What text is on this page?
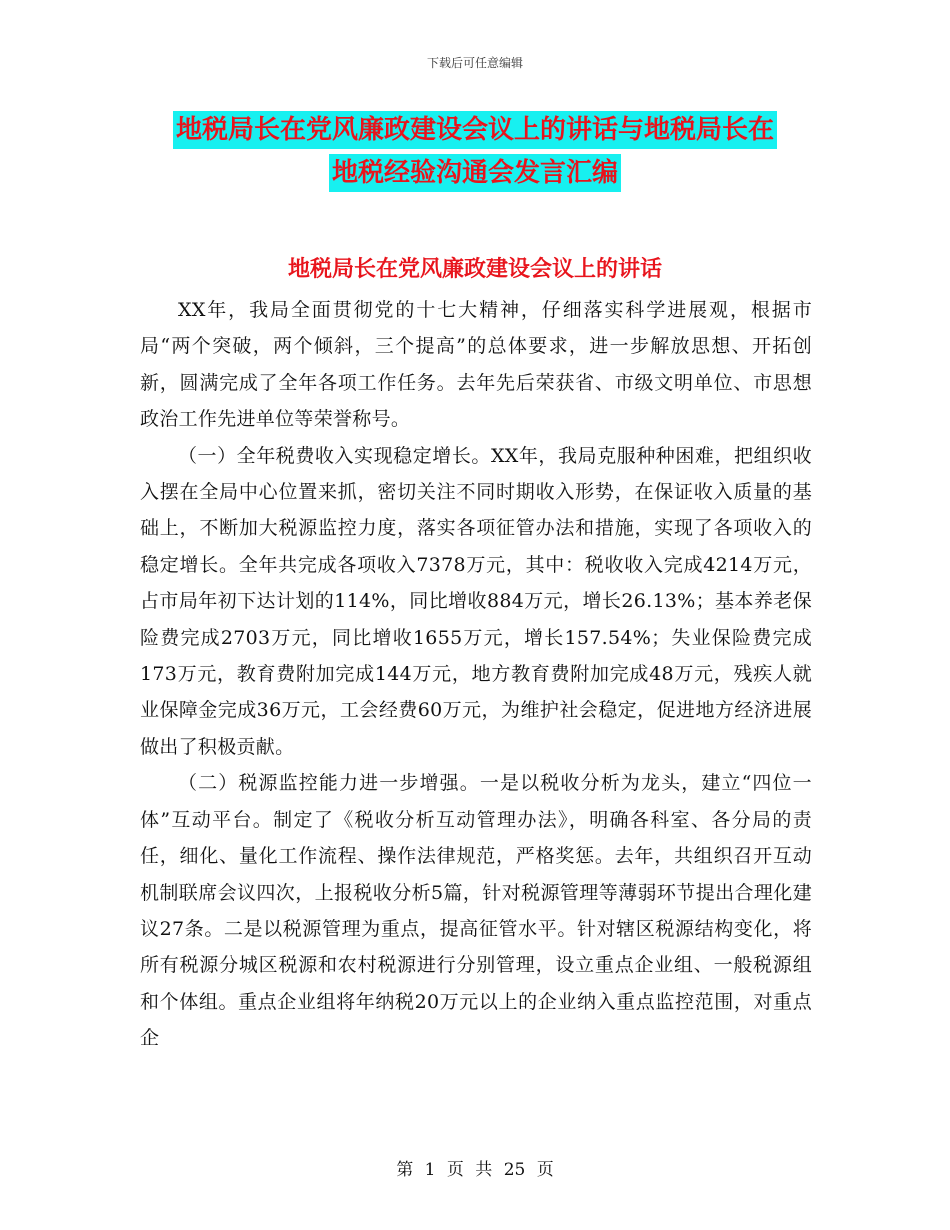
下载后可任意编辑
地税局长在党风廉政建设会议上的讲话与地税局长在
地税经验沟通会发言汇编
地税局长在党风廉政建设会议上的讲话

XX年，我局全面贯彻党的十七大精神，仔细落实科学进展观，根据市局“两个突破，两个倾斜，三个提高”的总体要求，进一步解放思想、开拓创新，圆满完成了全年各项工作任务。去年先后荣获省、市级文明单位、市思想政治工作先进单位等荣誉称号。

（一）全年税费收入实现稳定增长。XX年，我局克服种种困难，把组织收入摆在全局中心位置来抓，密切关注不同时期收入形势，在保证收入质量的基础上，不断加大税源监控力度，落实各项征管办法和措施，实现了各项收入的稳定增长。全年共完成各项收入7378万元，其中：税收收入完成4214万元，占市局年初下达计划的114%，同比增收884万元，增长26.13%；基本养老保险费完成2703万元，同比增收1655万元，增长157.54%；失业保险费完成173万元，教育费附加完成144万元，地方教育费附加完成48万元，残疾人就业保障金完成36万元，工会经费60万元，为维护社会稳定，促进地方经济进展做出了积极贡献。

（二）税源监控能力进一步增强。一是以税收分析为龙头，建立“四位一体”互动平台。制定了《税收分析互动管理办法》，明确各科室、各分局的责任，细化、量化工作流程、操作法律规范，严格奖惩。去年，共组织召开互动机制联席会议四次，上报税收分析5篇，针对税源管理等薄弱环节提出合理化建议27条。二是以税源管理为重点，提高征管水平。针对辖区税源结构变化，将所有税源分城区税源和农村税源进行分别管理，设立重点企业组、一般税源组和个体组。重点企业组将年纳税20万元以上的企业纳入重点监控范围，对重点企

第 1 页 共 25 页
